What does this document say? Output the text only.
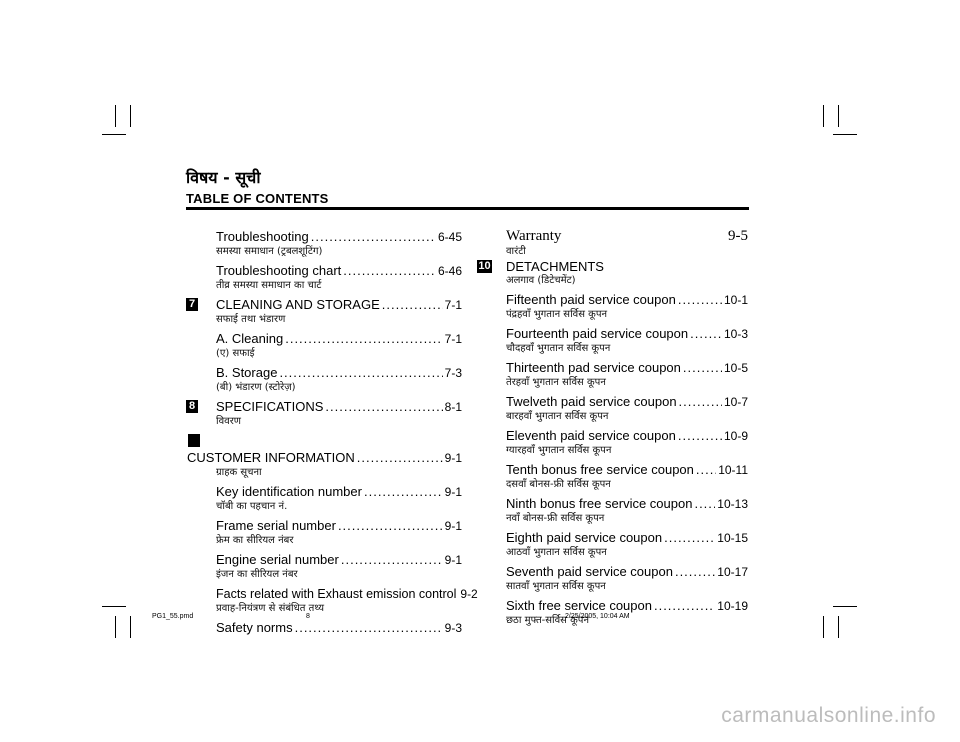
विषय - सूची
TABLE OF CONTENTS
Troubleshooting .....	6-45
समस्या समाधान (ट्रबलशूटिंग)
Troubleshooting chart .....	6-46
तीव्र समस्या समाधान का चार्ट
7 CLEANING AND STORAGE .....	7-1
सफाई तथा भंडारण
A. Cleaning .....	7-1
(ए) सफाई
B. Storage .....	7-3
(बी) भंडारण (स्टोरेज़)
8 SPECIFICATIONS .....	8-1
विवरण
9
CUSTOMER INFORMATION .....	9-1
ग्राहक सूचना
Key identification number .....	9-1
चॉबी का पहचान नं.
Frame serial number .....	9-1
फ्रेम का सीरियल नंबर
Engine serial number .....	9-1
इंजन का सीरियल नंबर
Facts related with Exhaust emission control 9-2
प्रवाह-नियंत्रण से संबंधित तथ्य
Safety norms .....	9-3
Warranty	9-5
वारंटी
10 DETACHMENTS
अलगाव (डिटेचमेंट)
Fifteenth paid service coupon .....	10-1
पंद्रहवाँ भुगतान सर्विस कूपन
Fourteenth paid service coupon .....	10-3
चौदहवाँ भुगतान सर्विस कूपन
Thirteenth pad service coupon .....	10-5
तेरहवाँ भुगतान सर्विस कूपन
Twelveth paid service coupon .....	10-7
बारहवाँ भुगतान सर्विस कूपन
Eleventh paid service coupon .....	10-9
ग्यारहवाँ भुगतान सर्विस कूपन
Tenth bonus free service coupon ..... 10-11
दसवाँ बोनस-फ्री सर्विस कूपन
Ninth bonus free service coupon ..... 10-13
नवाँ बोनस-फ्री सर्विस कूपन
Eighth paid service coupon .....	10-15
आठवाँ भुगतान सर्विस कूपन
Seventh paid service coupon .....	10-17
सातवाँ भुगतान सर्विस कूपन
Sixth free service coupon .....	10-19
छठा मुफ्त-सर्विस कूपन
PG1_55.pmd	8	2/25/2005, 10:04 AM
carmanualsonline.info
